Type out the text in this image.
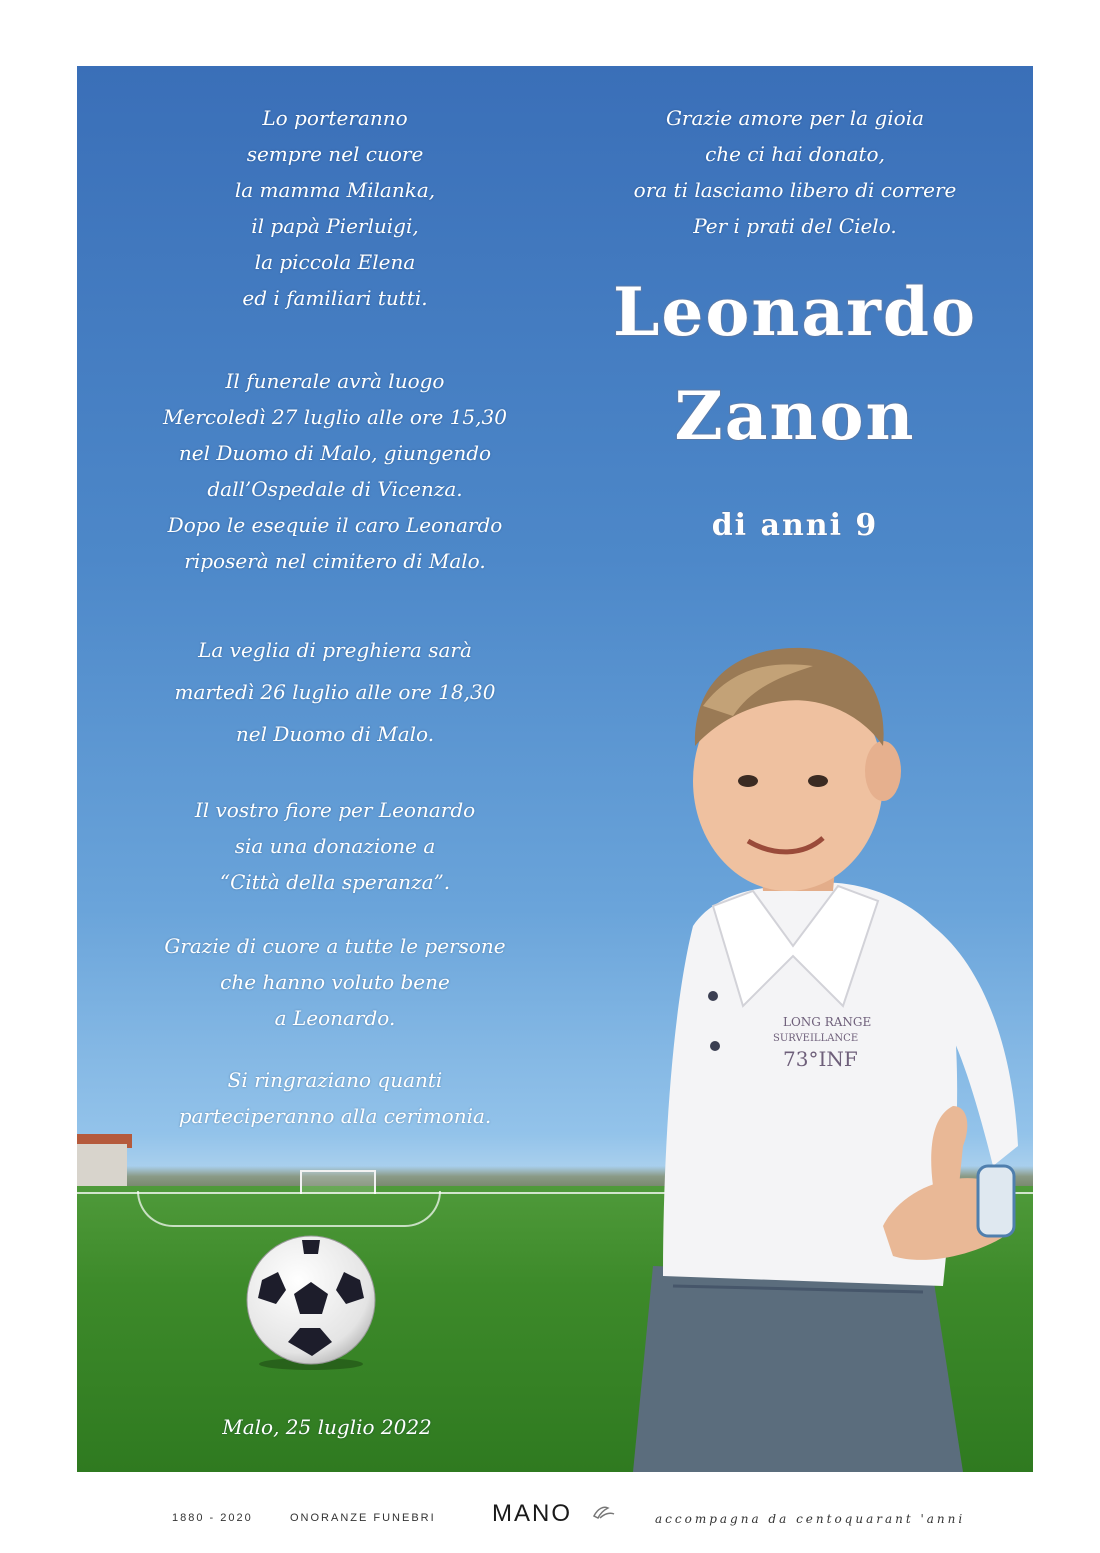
Lo porteranno
sempre nel cuore
la mamma Milanka,
il papà Pierluigi,
la piccola Elena
ed i familiari tutti.
Il funerale avrà luogo
Mercoledì 27 luglio alle ore 15,30
nel Duomo di Malo, giungendo
dall’Ospedale di Vicenza.
Dopo le esequie il caro Leonardo
riposerà nel cimitero di Malo.
La veglia di preghiera sarà
martedì 26 luglio alle ore 18,30
nel Duomo di Malo.
Il vostro fiore per Leonardo
sia una donazione a
“Città della speranza”.
Grazie di cuore a tutte le persone
che hanno voluto bene
a Leonardo.
Si ringraziano quanti
parteciperanno alla cerimonia.
Malo, 25 luglio 2022
Grazie amore per la gioia
che ci hai donato,
ora ti lasciamo libero di correre
Per i prati del Cielo.
Leonardo
Zanon
di anni 9
LONG RANGE
SURVEILLANCE
73°INF
1880 - 2020	ONORANZE FUNEBRI MANO	accompagna da centoquarant 'anni
